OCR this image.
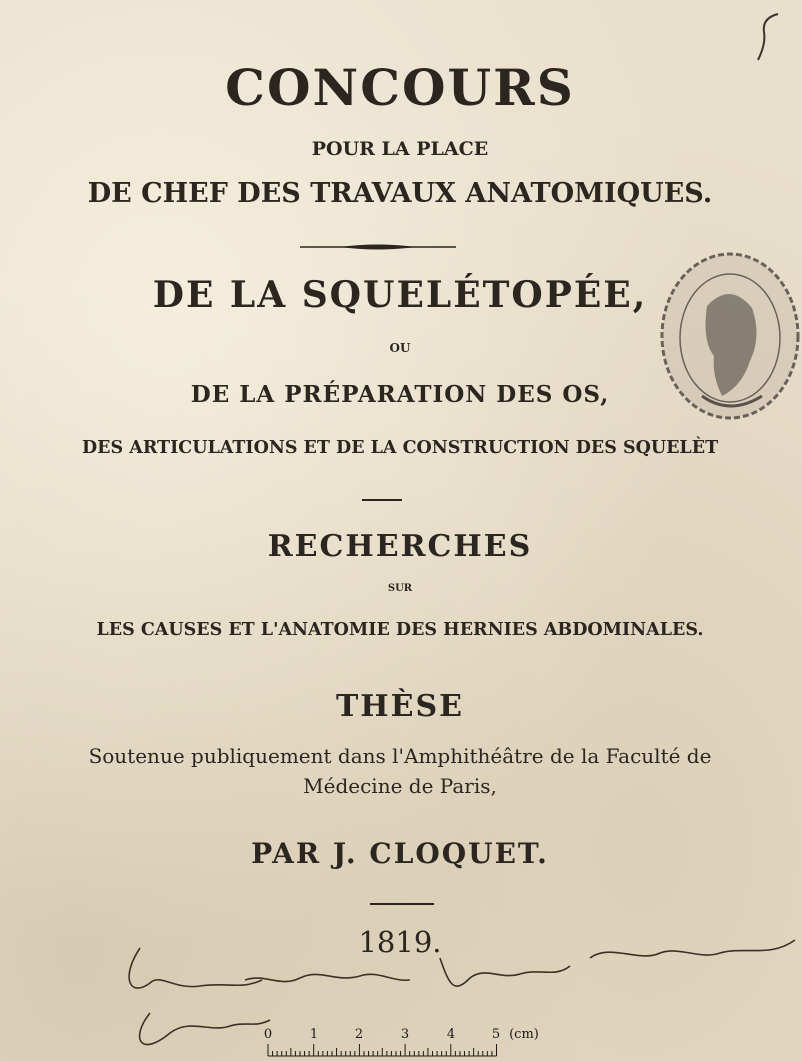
CONCOURS
POUR LA PLACE
DE CHEF DES TRAVAUX ANATOMIQUES.
DE LA SQUELÉTOPÉE,
OU
DE LA PRÉPARATION DES OS,
DES ARTICULATIONS ET DE LA CONSTRUCTION DES SQUELÈT
RECHERCHES
SUR
LES CAUSES ET L'ANATOMIE DES HERNIES ABDOMINALES.
THÈSE
Soutenue publiquement dans l'Amphithéâtre de la Faculté de
Médecine de Paris,
PAR J. CLOQUET.
1819.
0	1	2	3	4	5 (cm)
